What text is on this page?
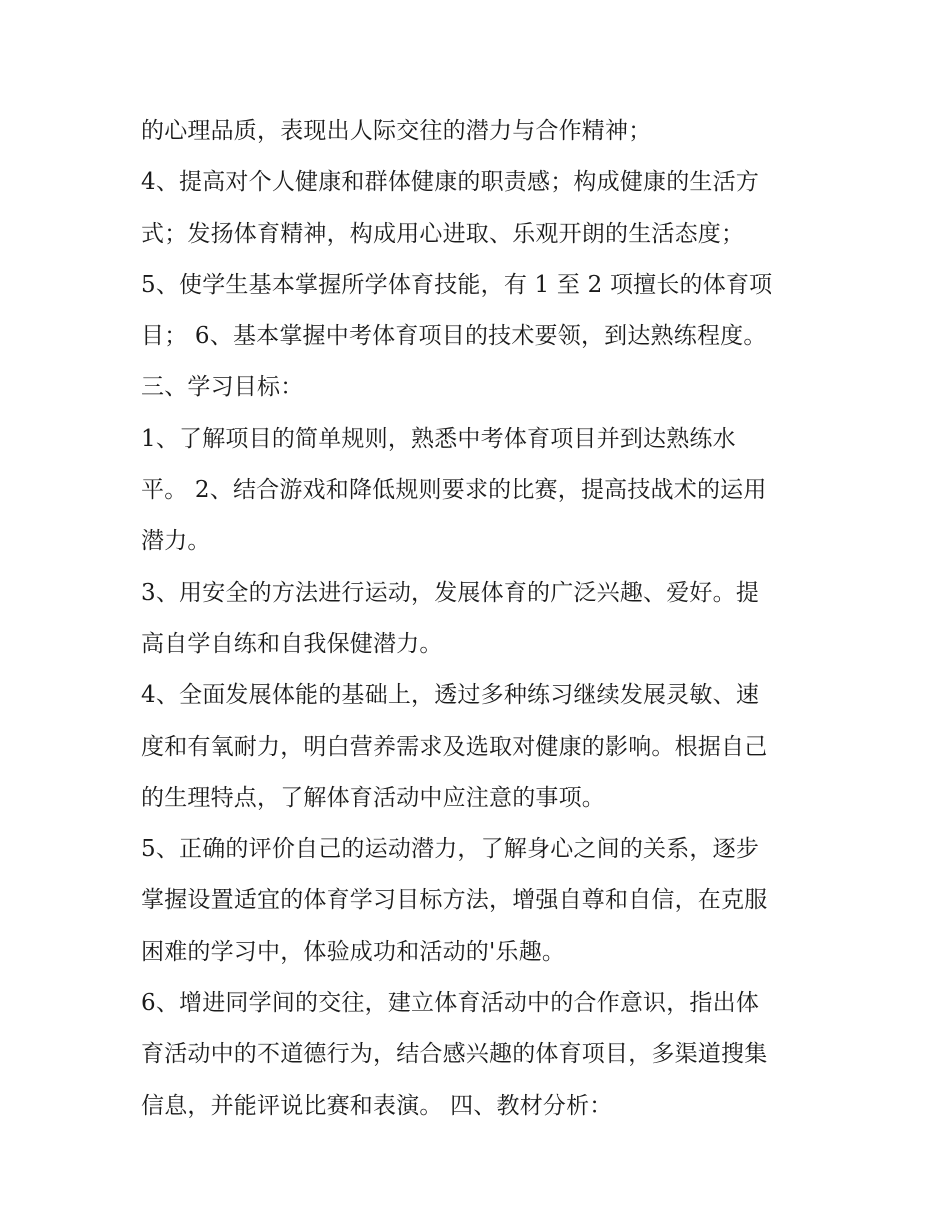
的心理品质，表现出人际交往的潜力与合作精神；
4、提高对个人健康和群体健康的职责感；构成健康的生活方
式；发扬体育精神，构成用心进取、乐观开朗的生活态度；
5、使学生基本掌握所学体育技能，有 1 至 2 项擅长的体育项
目； 6、基本掌握中考体育项目的技术要领，到达熟练程度。
三、学习目标：
1、了解项目的简单规则，熟悉中考体育项目并到达熟练水
平。 2、结合游戏和降低规则要求的比赛，提高技战术的运用
潜力。
3、用安全的方法进行运动，发展体育的广泛兴趣、爱好。提
高自学自练和自我保健潜力。
4、全面发展体能的基础上，透过多种练习继续发展灵敏、速
度和有氧耐力，明白营养需求及选取对健康的影响。根据自己
的生理特点，了解体育活动中应注意的事项。
5、正确的评价自己的运动潜力，了解身心之间的关系，逐步
掌握设置适宜的体育学习目标方法，增强自尊和自信，在克服
困难的学习中，体验成功和活动的'乐趣。
6、增进同学间的交往，建立体育活动中的合作意识，指出体
育活动中的不道德行为，结合感兴趣的体育项目，多渠道搜集
信息，并能评说比赛和表演。 四、教材分析：
